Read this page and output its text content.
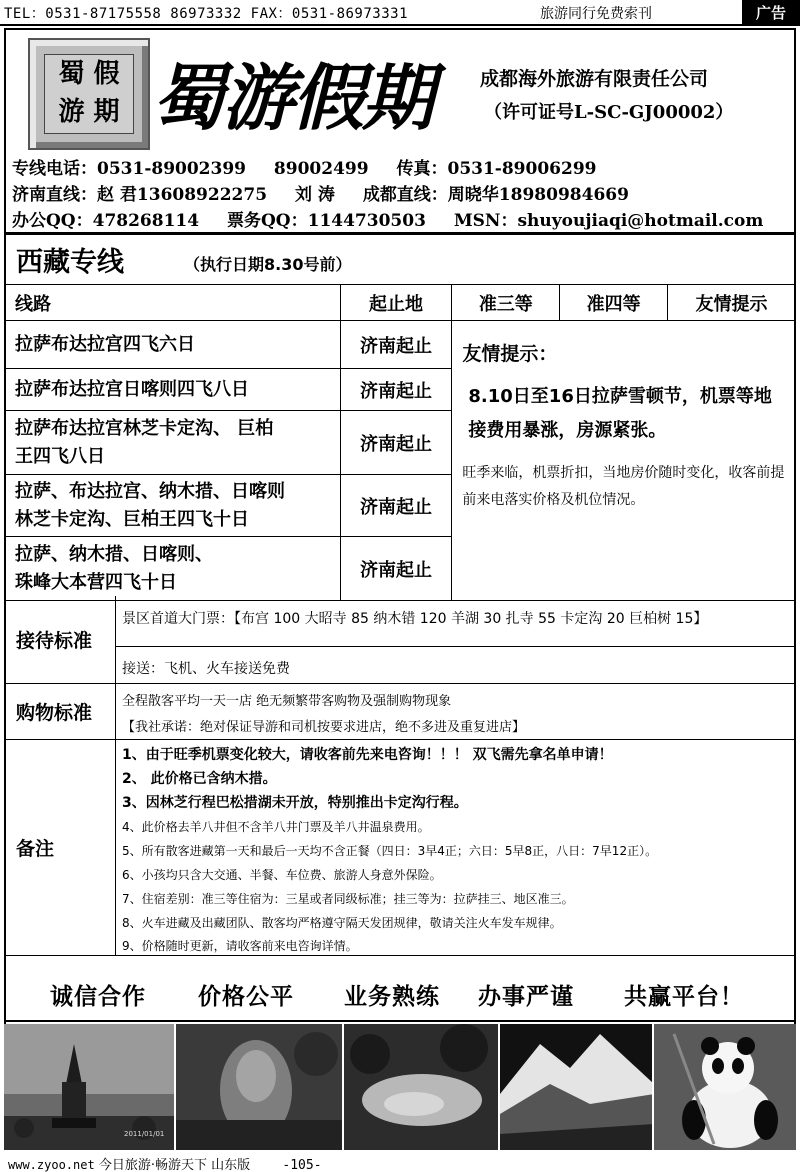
TEL：0531-87175558 86973332 FAX：0531-86973331	旅游同行免费索刊	广告
蜀 假
游 期 蜀游假期	成都海外旅游有限责任公司
（许可证号L-SC-GJ00002）
专线电话：0531-89002399 89002499 传真：0531-89006299
济南直线：赵 君13608922275 刘 涛 成都直线：周晓华18980984669
办公QQ：478268114 票务QQ：1144730503 MSN：shuyoujiaqi@hotmail.com
西藏专线	（执行日期8.30号前）
线路	起止地	准三等	准四等	友情提示
拉萨布达拉宫四飞六日	济南起止	友情提示：
8.10日至16日拉萨雪顿节，机票等地接费用暴涨，房源紧张。
旺季来临，机票折扣，当地房价随时变化，收客前提前来电落实价格及机位情况。		

拉萨布达拉宫日喀则四飞八日	济南起止			

拉萨布达拉宫林芝卡定沟、 巨柏
王四飞八日	济南起止			

拉萨、布达拉宫、纳木措、日喀则
林芝卡定沟、巨柏王四飞十日	济南起止			

拉萨、纳木措、日喀则、
珠峰大本营四飞十日	济南起止			
接待标准
景区首道大门票：【布宫 100 大昭寺 85 纳木错 120 羊湖 30 扎寺 55 卡定沟 20 巨柏树 15】
接送：飞机、火车接送免费
购物标准
全程散客平均一天一店 绝无频繁带客购物及强制购物现象
【我社承诺：绝对保证导游和司机按要求进店，绝不多进及重复进店】
备注
1、由于旺季机票变化较大，请收客前先来电咨询！！！ 双飞需先拿名单申请！
2、 此价格已含纳木措。
3、因林芝行程巴松措湖未开放，特别推出卡定沟行程。
4、此价格去羊八井但不含羊八井门票及羊八井温泉费用。
5、所有散客进藏第一天和最后一天均不含正餐（四日：3早4正；六日：5早8正，八日：7早12正）。
6、小孩均只含大交通、半餐、车位费、旅游人身意外保险。
7、住宿差别：准三等住宿为：三星或者同级标准；挂三等为：拉萨挂三、地区准三。
8、火车进藏及出藏团队、散客均严格遵守隔天发团规律，敬请关注火车发车规律。
9、价格随时更新，请收客前来电咨询详情。
诚信合作 价格公平 业务熟练 办事严谨 共赢平台！
2011/01/01
www.zyoo.net 今日旅游·畅游天下 山东版 -105-
